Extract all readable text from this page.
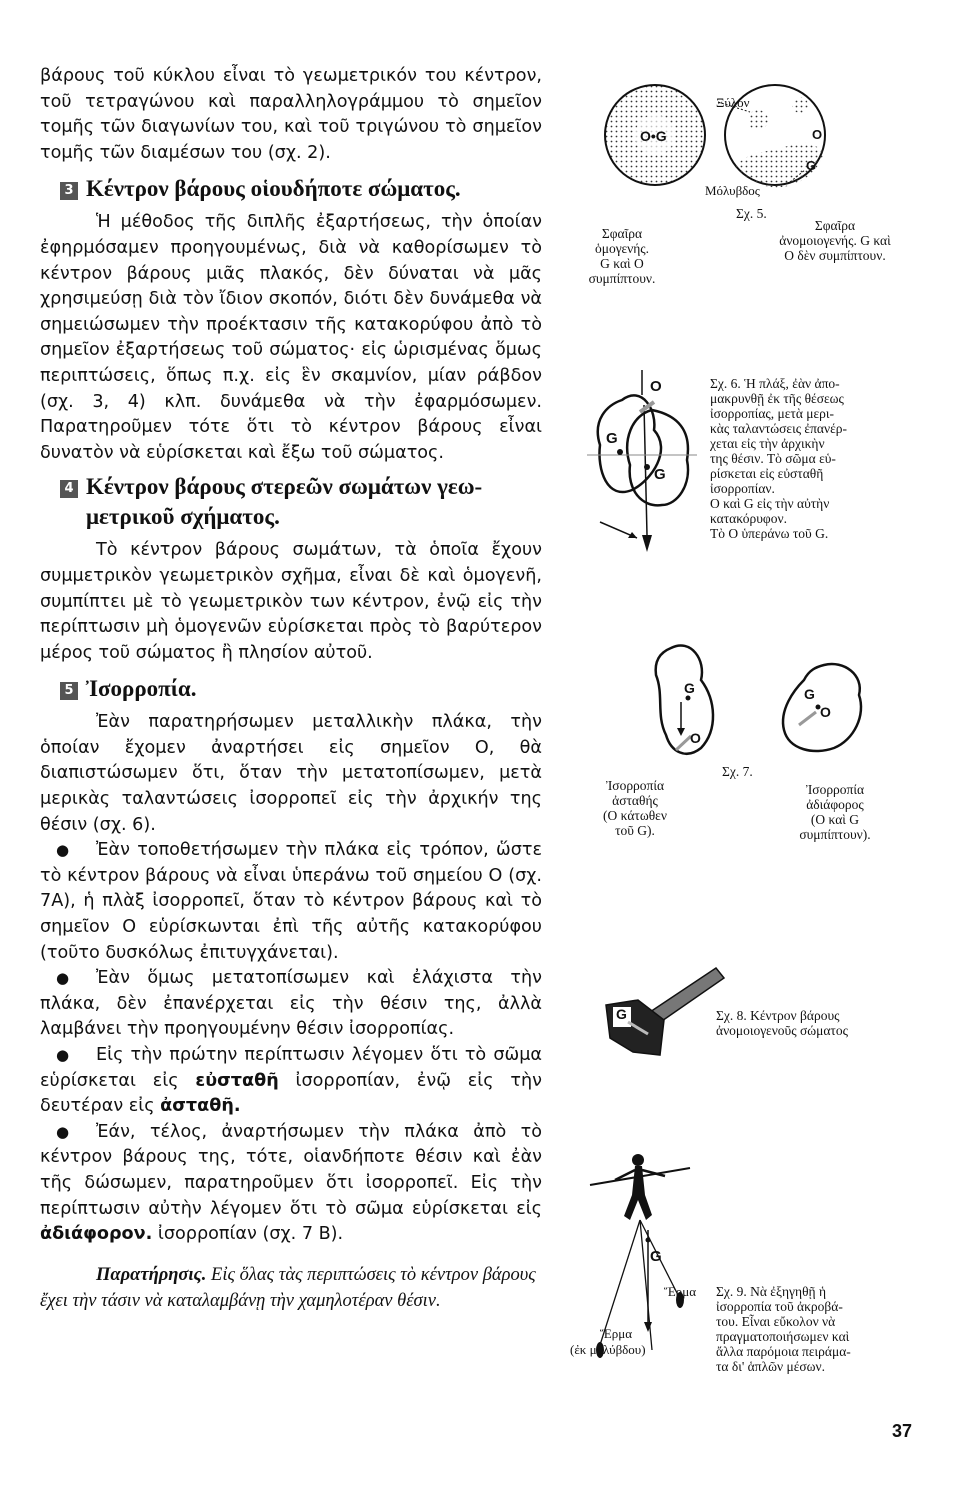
βάρους τοῦ κύκλου εἶναι τὸ γεωμετρικόν του κέντρον, τοῦ τετραγώνου καὶ παραλληλογράμμου τὸ σημεῖον τομῆς τῶν διαγωνίων του, καὶ τοῦ τριγώνου τὸ σημεῖον τομῆς τῶν διαμέσων του (σχ. 2).

3 Κέντρον βάρους οἱουδήποτε σώματος.

Ἡ μέθοδος τῆς διπλῆς ἐξαρτήσεως, τὴν ὁποίαν ἐφηρμόσαμεν προηγουμένως, διὰ νὰ καθορίσωμεν τὸ κέντρον βάρους μιᾶς πλακός, δὲν δύναται νὰ μᾶς χρησιμεύσῃ διὰ τὸν ἴδιον σκοπόν, διότι δὲν δυνάμεθα νὰ σημειώσωμεν τὴν προέκτασιν τῆς κατακορύφου ἀπὸ τὸ σημεῖον ἐξαρτήσεως τοῦ σώματος· εἰς ὡρισμένας ὅμως περιπτώσεις, ὅπως π.χ. εἰς ἓν σκαμνίον, μίαν ράβδον (σχ. 3, 4) κλπ. δυνάμεθα νὰ τὴν ἐφαρμόσωμεν. Παρατηροῦμεν τότε ὅτι τὸ κέντρον βάρους εἶναι δυνατὸν νὰ εὑρίσκεται καὶ ἔξω τοῦ σώματος.

4 Κέντρον βάρους στερεῶν σωμάτων γεω-
μετρικοῦ σχήματος.

Τὸ κέντρον βάρους σωμάτων, τὰ ὁποῖα ἔχουν συμμετρικὸν γεωμετρικὸν σχῆμα, εἶναι δὲ καὶ ὁμογενῆ, συμπίπτει μὲ τὸ γεωμετρικὸν των κέντρον, ἐνῷ εἰς τὴν περίπτωσιν μὴ ὁμογενῶν εὑρίσκεται πρὸς τὸ βαρύτερον μέρος τοῦ σώματος ἢ πλησίον αὐτοῦ.

5 Ἰσορροπία.

Ἐὰν παρατηρήσωμεν μεταλλικὴν πλάκα, τὴν ὁποίαν ἔχομεν ἀναρτήσει εἰς σημεῖον Ο, θὰ διαπιστώσωμεν ὅτι, ὅταν τὴν μετατοπίσωμεν, μετὰ μερικὰς ταλαντώσεις ἰσορροπεῖ εἰς τὴν ἀρχικήν της θέσιν (σχ. 6).

● Ἐὰν τοποθετήσωμεν τὴν πλάκα εἰς τρόπον, ὥστε τὸ κέντρον βάρους νὰ εἶναι ὑπεράνω τοῦ σημείου Ο (σχ. 7Α), ἡ πλὰξ ἰσορροπεῖ, ὅταν τὸ κέντρον βάρους καὶ τὸ σημεῖον Ο εὑρίσκωνται ἐπὶ τῆς αὐτῆς κατακορύφου (τοῦτο δυσκόλως ἐπιτυγχάνεται).

● Ἐὰν ὅμως μετατοπίσωμεν καὶ ἐλάχιστα τὴν πλάκα, δὲν ἐπανέρχεται εἰς τὴν θέσιν της, ἀλλὰ λαμβάνει τὴν προηγουμένην θέσιν ἰσορροπίας.

● Εἰς τὴν πρώτην περίπτωσιν λέγομεν ὅτι τὸ σῶμα εὑρίσκεται εἰς εὐσταθῆ ἰσορροπίαν, ἐνῷ εἰς τὴν δευτέραν εἰς ἀσταθῆ.

● Ἐάν, τέλος, ἀναρτήσωμεν τὴν πλάκα ἀπὸ τὸ κέντρον βάρους της, τότε, οἱανδήποτε θέσιν καὶ ἐὰν τῆς δώσωμεν, παρατηροῦμεν ὅτι ἰσορροπεῖ. Εἰς τὴν περίπτωσιν αὐτὴν λέγομεν ὅτι τὸ σῶμα εὑρίσκεται εἰς ἀδιάφορον. ἰσορροπίαν (σχ. 7 Β).

Παρατήρησις. Εἰς ὅλας τὰς περιπτώσεις τὸ κέντρον βάρους ἔχει τὴν τάσιν νὰ καταλαμβάνῃ τὴν χαμηλοτέραν θέσιν.

O•G
Ξύλον
O
G
Μόλυβδος
Σχ. 5.
Σφαῖρα
ὁμογενής.
G καὶ Ο
συμπίπτουν.
Σφαῖρα
ἀνομοιογενής. G καὶ
Ο δὲν συμπίπτουν.
O
G
G
Σχ. 6. Ἡ πλάξ, ἐὰν ἀπο-
μακρυνθῇ ἐκ τῆς θέσεως
ἰσορροπίας, μετὰ μερι-
κὰς ταλαντώσεις ἐπανέρ-
χεται εἰς τὴν ἀρχικὴν
της θέσιν. Τὸ σῶμα εὑ-
ρίσκεται εἰς εὐσταθῆ
ἰσορροπίαν.
Ο καὶ G εἰς τὴν αὐτὴν
κατακόρυφον.
Τὸ Ο ὑπεράνω τοῦ G.
G
O
G
O
Σχ. 7.
Ἰσορροπία
ἀσταθής
(Ο κάτωθεν
τοῦ G).
Ἰσορροπία
ἀδιάφορος
(Ο καὶ G
συμπίπτουν).
G	Σχ. 8. Κέντρον βάρους
ἀνομοιογενοῦς σώματος
G
Ἕρμα
Ἕρμα
(ἐκ μολύβδου)
Σχ. 9. Νὰ ἐξηγηθῇ ἡ
ἰσορροπία τοῦ ἀκροβά-
του. Εἶναι εὔκολον νὰ
πραγματοποιήσωμεν καὶ
ἄλλα παρόμοια πειράμα-
τα δι' ἁπλῶν μέσων.
37
